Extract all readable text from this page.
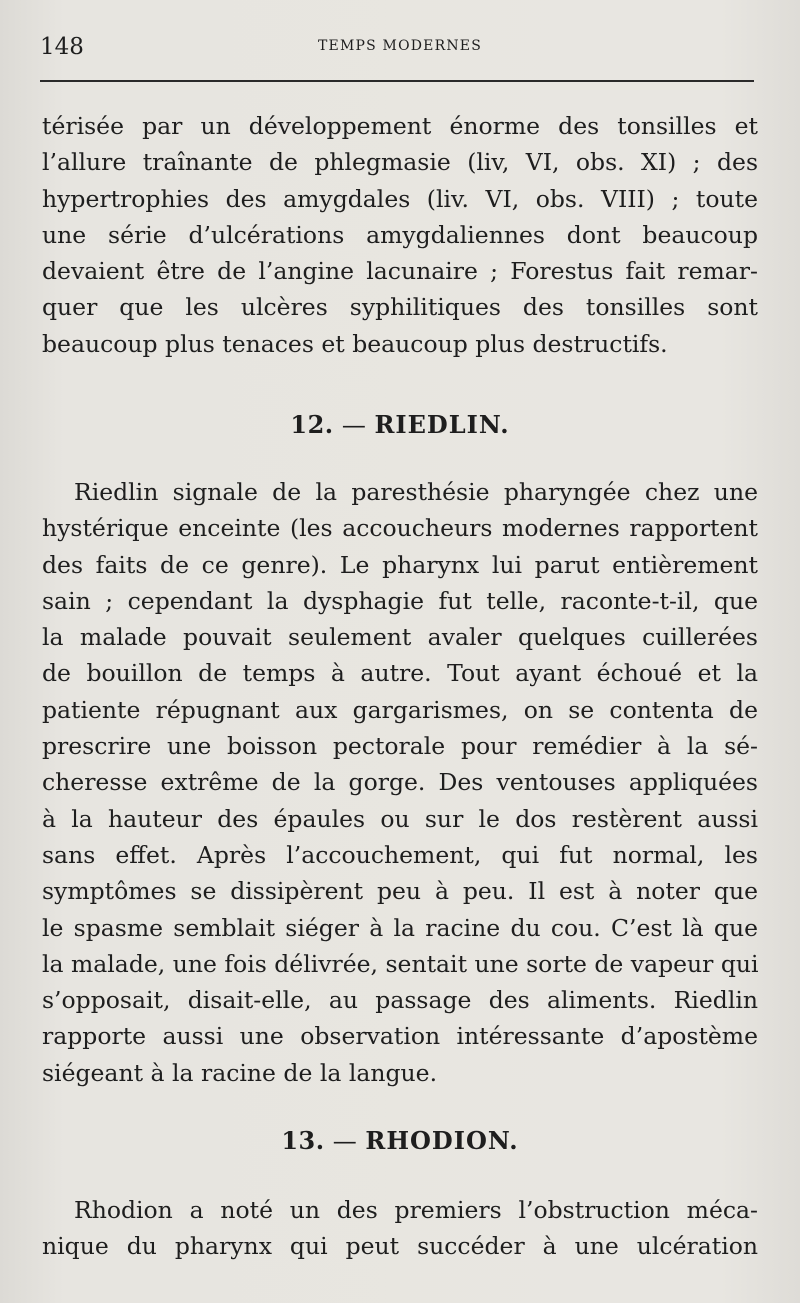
148	TEMPS MODERNES
térisée par un développement énorme des tonsilles et
l’allure traînante de phlegmasie (liv, VI, obs. XI) ; des
hypertrophies des amygdales (liv. VI, obs. VIII) ; toute
une série d’ulcérations amygdaliennes dont beaucoup
devaient être de l’angine lacunaire ; Forestus fait remar-
quer que les ulcères syphilitiques des tonsilles sont
beaucoup plus tenaces et beaucoup plus destructifs.
12. — RIEDLIN.
Riedlin signale de la paresthésie pharyngée chez une
hystérique enceinte (les accoucheurs modernes rapportent
des faits de ce genre). Le pharynx lui parut entièrement
sain ; cependant la dysphagie fut telle, raconte-t-il, que
la malade pouvait seulement avaler quelques cuillerées
de bouillon de temps à autre. Tout ayant échoué et la
patiente répugnant aux gargarismes, on se contenta de
prescrire une boisson pectorale pour remédier à la sé-
cheresse extrême de la gorge. Des ventouses appliquées
à la hauteur des épaules ou sur le dos restèrent aussi
sans effet. Après l’accouchement, qui fut normal, les
symptômes se dissipèrent peu à peu. Il est à noter que
le spasme semblait siéger à la racine du cou. C’est là que
la malade, une fois délivrée, sentait une sorte de vapeur qui
s’opposait, disait-elle, au passage des aliments. Riedlin
rapporte aussi une observation intéressante d’apostème
siégeant à la racine de la langue.
13. — RHODION.
Rhodion a noté un des premiers l’obstruction méca-
nique du pharynx qui peut succéder à une ulcération
